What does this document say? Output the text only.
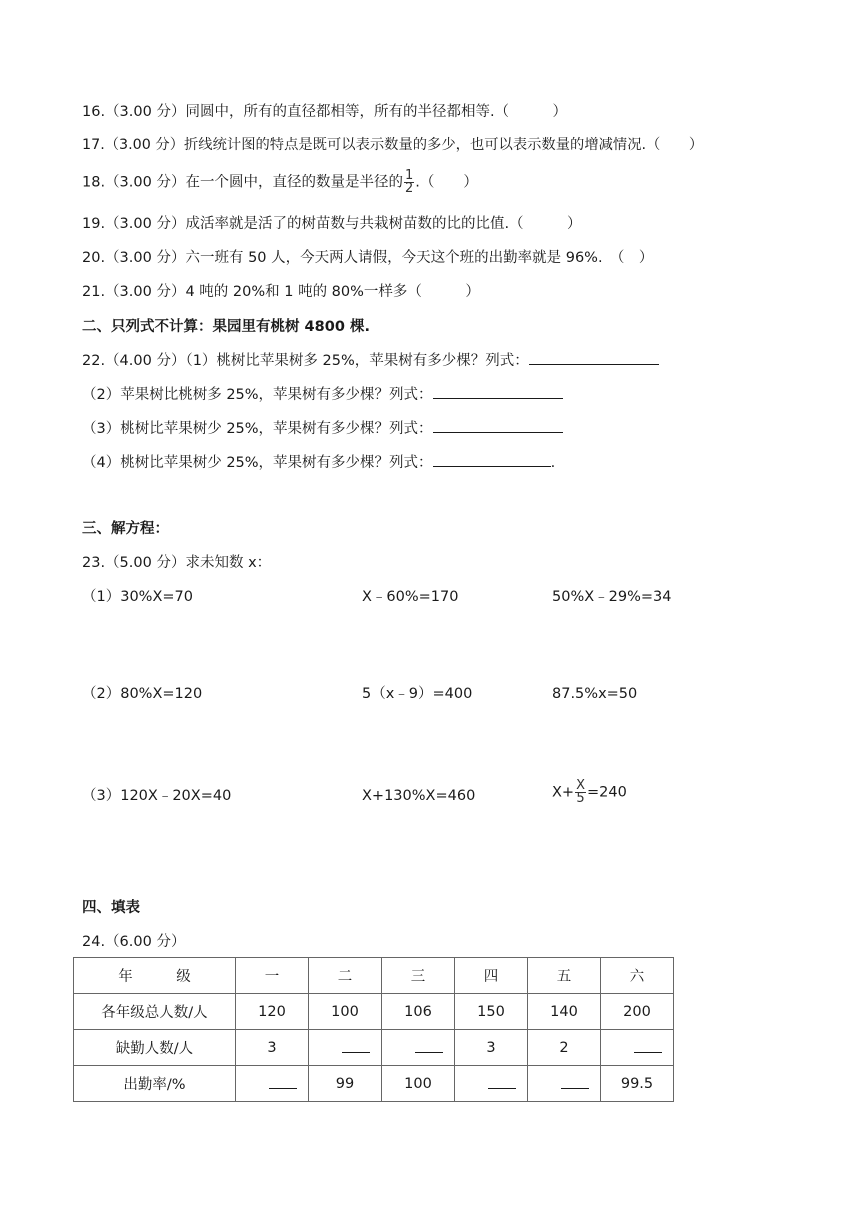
16.（3.00 分）同圆中，所有的直径都相等，所有的半径都相等.（　　　）
17.（3.00 分）折线统计图的特点是既可以表示数量的多少，也可以表示数量的增减情况.（　　）
18.（3.00 分）在一个圆中，直径的数量是半径的 $\frac{1}{2}$ .（　　）
19.（3.00 分）成活率就是活了的树苗数与共栽树苗数的比的比值.（　　　）
20.（3.00 分）六一班有 50 人，今天两人请假，今天这个班的出勤率就是 96%.　（　）
21.（3.00 分）4 吨的 20%和 1 吨的 80%一样多（　　　）
二、只列式不计算：果园里有桃树 4800 棵.
22.（4.00 分）（1）桃树比苹果树多 25%，苹果树有多少棵？列式：
（2）苹果树比桃树多 25%，苹果树有多少棵？列式：
（3）桃树比苹果树少 25%，苹果树有多少棵？列式：
（4）桃树比苹果树少 25%，苹果树有多少棵？列式：	.
三、解方程：
23.（5.00 分）求未知数 x：
（1）30%X=70	X﹣60%=170	50%X﹣29%=34
（2）80%X=120	5（x﹣9）=400	87.5%x=50
（3）120X﹣20X=40	X+130%X=460	$X+ \frac{X}{5} =240$
四、填表
24.（6.00 分）
年　　　级	一	二	三	四	五	六
各年级总人数/人	120	100	106	150	140	200
缺勤人数/人	3			3	2	
出勤率/%		99	100			99.5
